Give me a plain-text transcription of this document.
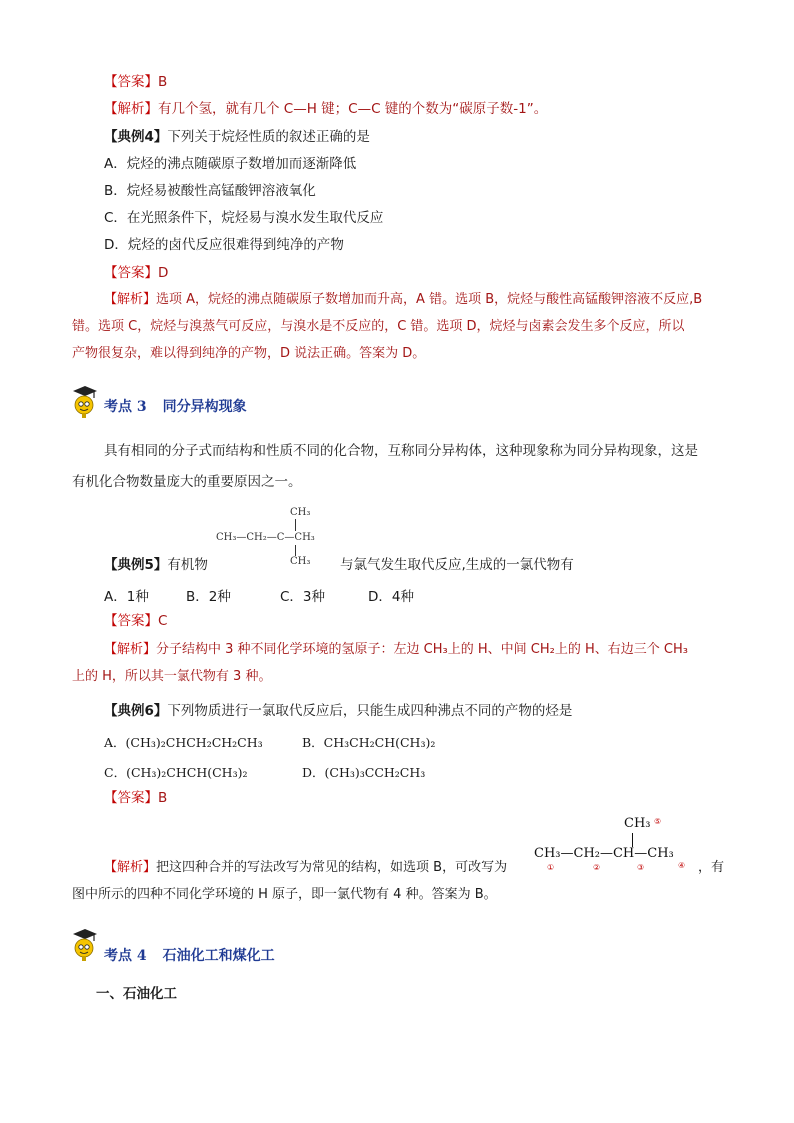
【答案】B
【解析】有几个氢，就有几个 C—H 键；C—C 键的个数为“碳原子数-1”。
【典例4】下列关于烷烃性质的叙述正确的是
A．烷烃的沸点随碳原子数增加而逐渐降低
B．烷烃易被酸性高锰酸钾溶液氧化
C．在光照条件下，烷烃易与溴水发生取代反应
D．烷烃的卤代反应很难得到纯净的产物
【答案】D
【解析】选项 A，烷烃的沸点随碳原子数增加而升高，A 错。选项 B，烷烃与酸性高锰酸钾溶液不反应,B
错。选项 C，烷烃与溴蒸气可反应，与溴水是不反应的，C 错。选项 D，烷烃与卤素会发生多个反应，所以
产物很复杂，难以得到纯净的产物，D 说法正确。答案为 D。
考点 3 同分异构现象
具有相同的分子式而结构和性质不同的化合物，互称同分异构体，这种现象称为同分异构现象，这是
有机化合物数量庞大的重要原因之一。
CH₃
CH₃—CH₂—C—CH₃
CH₃
【典例5】有机物	与氯气发生取代反应,生成的一氯代物有
A．1种	B．2种	C．3种	D．4种
【答案】C
【解析】分子结构中 3 种不同化学环境的氢原子：左边 CH₃上的 H、中间 CH₂上的 H、右边三个 CH₃
上的 H，所以其一氯代物有 3 种。
【典例6】下列物质进行一氯取代反应后，只能生成四种沸点不同的产物的烃是
A．(CH₃)₂CHCH₂CH₂CH₃	B．CH₃CH₂CH(CH₃)₂
C．(CH₃)₂CHCH(CH₃)₂	D．(CH₃)₃CCH₂CH₃
【答案】B
CH₃ ⑤
CH₃—CH₂—CH—CH₃
①	②	③	④
【解析】把这四种合并的写法改写为常见的结构，如选项 B，可改写为	，有
图中所示的四种不同化学环境的 H 原子，即一氯代物有 4 种。答案为 B。
考点 4 石油化工和煤化工
一、石油化工
